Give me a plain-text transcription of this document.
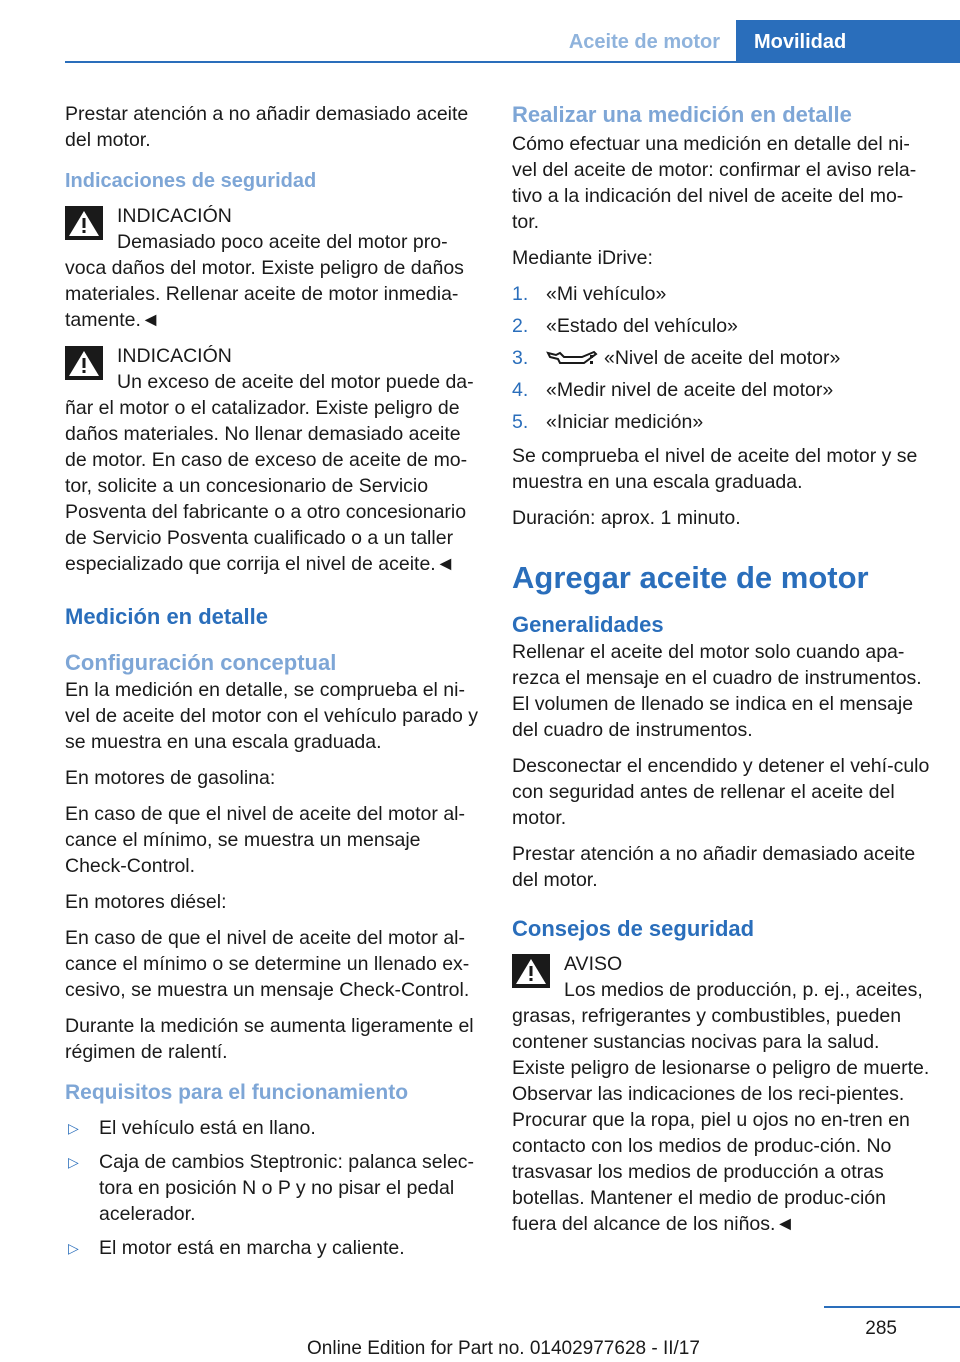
Aceite de motor	Movilidad

Prestar atención a no añadir demasiado aceite del motor.

Indicaciones de seguridad
INDICACIÓN
Demasiado poco aceite del motor pro-voca daños del motor. Existe peligro de daños materiales. Rellenar aceite de motor inmedia-tamente.◄
INDICACIÓN
Un exceso de aceite del motor puede da-ñar el motor o el catalizador. Existe peligro de daños materiales. No llenar demasiado aceite de motor. En caso de exceso de aceite de mo-tor, solicite a un concesionario de Servicio Posventa del fabricante o a otro concesionario de Servicio Posventa cualificado o a un taller especializado que corrija el nivel de aceite.◄
Medición en detalle
Configuración conceptual

En la medición en detalle, se comprueba el ni-vel de aceite del motor con el vehículo parado y se muestra en una escala graduada.

En motores de gasolina:

En caso de que el nivel de aceite del motor al-cance el mínimo, se muestra un mensaje Check-Control.

En motores diésel:

En caso de que el nivel de aceite del motor al-cance el mínimo o se determine un llenado ex-cesivo, se muestra un mensaje Check-Control.

Durante la medición se aumenta ligeramente el régimen de ralentí.

Requisitos para el funcionamiento
▷ El vehículo está en llano.
▷ Caja de cambios Steptronic: palanca selec-tora en posición N o P y no pisar el pedal acelerador.
▷ El motor está en marcha y caliente.
Realizar una medición en detalle

Cómo efectuar una medición en detalle del ni-vel del aceite de motor: confirmar el aviso rela-tivo a la indicación del nivel de aceite del mo-tor.

Mediante iDrive:

1. «Mi vehículo»
2. «Estado del vehículo»
3.	«Nivel de aceite del motor»
4. «Medir nivel de aceite del motor»
5. «Iniciar medición»

Se comprueba el nivel de aceite del motor y se muestra en una escala graduada.

Duración: aprox. 1 minuto.

Agregar aceite de motor
Generalidades

Rellenar el aceite del motor solo cuando apa-rezca el mensaje en el cuadro de instrumentos. El volumen de llenado se indica en el mensaje del cuadro de instrumentos.

Desconectar el encendido y detener el vehí-culo con seguridad antes de rellenar el aceite del motor.

Prestar atención a no añadir demasiado aceite del motor.

Consejos de seguridad
AVISO
Los medios de producción, p. ej., aceites, grasas, refrigerantes y combustibles, pueden contener sustancias nocivas para la salud. Existe peligro de lesionarse o peligro de muerte. Observar las indicaciones de los reci-pientes. Procurar que la ropa, piel u ojos no en-tren en contacto con los medios de produc-ción. No trasvasar los medios de producción a otras botellas. Mantener el medio de produc-ción fuera del alcance de los niños.◄
285
Online Edition for Part no. 01402977628 - II/17
